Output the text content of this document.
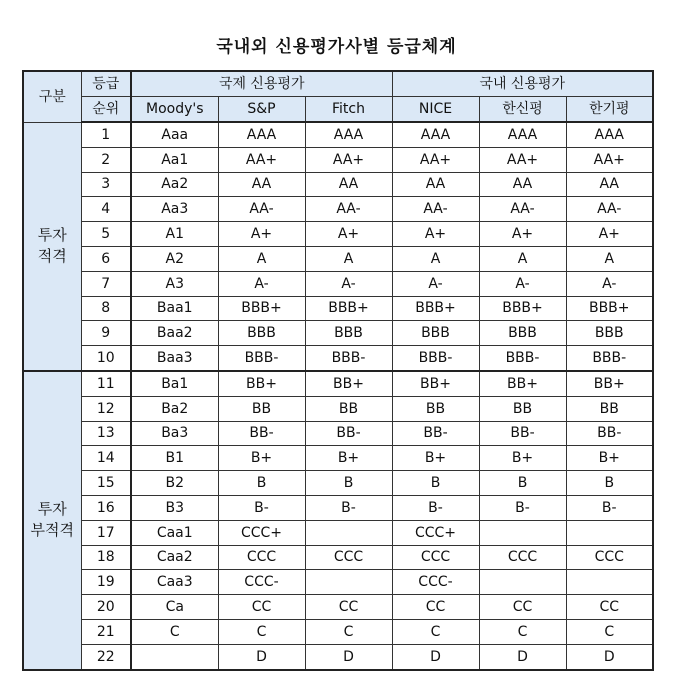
국내외 신용평가사별 등급체계
구분	등급	국제 신용평가			국내 신용평가		
	순위	Moody's	S&P	Fitch	NICE	한신평	한기평

투자
적격	1	Aaa	AAA	AAA	AAA	AAA	AAA
	2	Aa1	AA+	AA+	AA+	AA+	AA+
	3	Aa2	AA	AA	AA	AA	AA
	4	Aa3	AA-	AA-	AA-	AA-	AA-
	5	A1	A+	A+	A+	A+	A+
	6	A2	A	A	A	A	A
	7	A3	A-	A-	A-	A-	A-
	8	Baa1	BBB+	BBB+	BBB+	BBB+	BBB+
	9	Baa2	BBB	BBB	BBB	BBB	BBB
	10	Baa3	BBB-	BBB-	BBB-	BBB-	BBB-

투자
부적격	11	Ba1	BB+	BB+	BB+	BB+	BB+
	12	Ba2	BB	BB	BB	BB	BB
	13	Ba3	BB-	BB-	BB-	BB-	BB-
	14	B1	B+	B+	B+	B+	B+
	15	B2	B	B	B	B	B
	16	B3	B-	B-	B-	B-	B-
	17	Caa1	CCC+		CCC+		
	18	Caa2	CCC	CCC	CCC	CCC	CCC
	19	Caa3	CCC-		CCC-		
	20	Ca	CC	CC	CC	CC	CC
	21	C	C	C	C	C	C
	22		D	D	D	D	D
